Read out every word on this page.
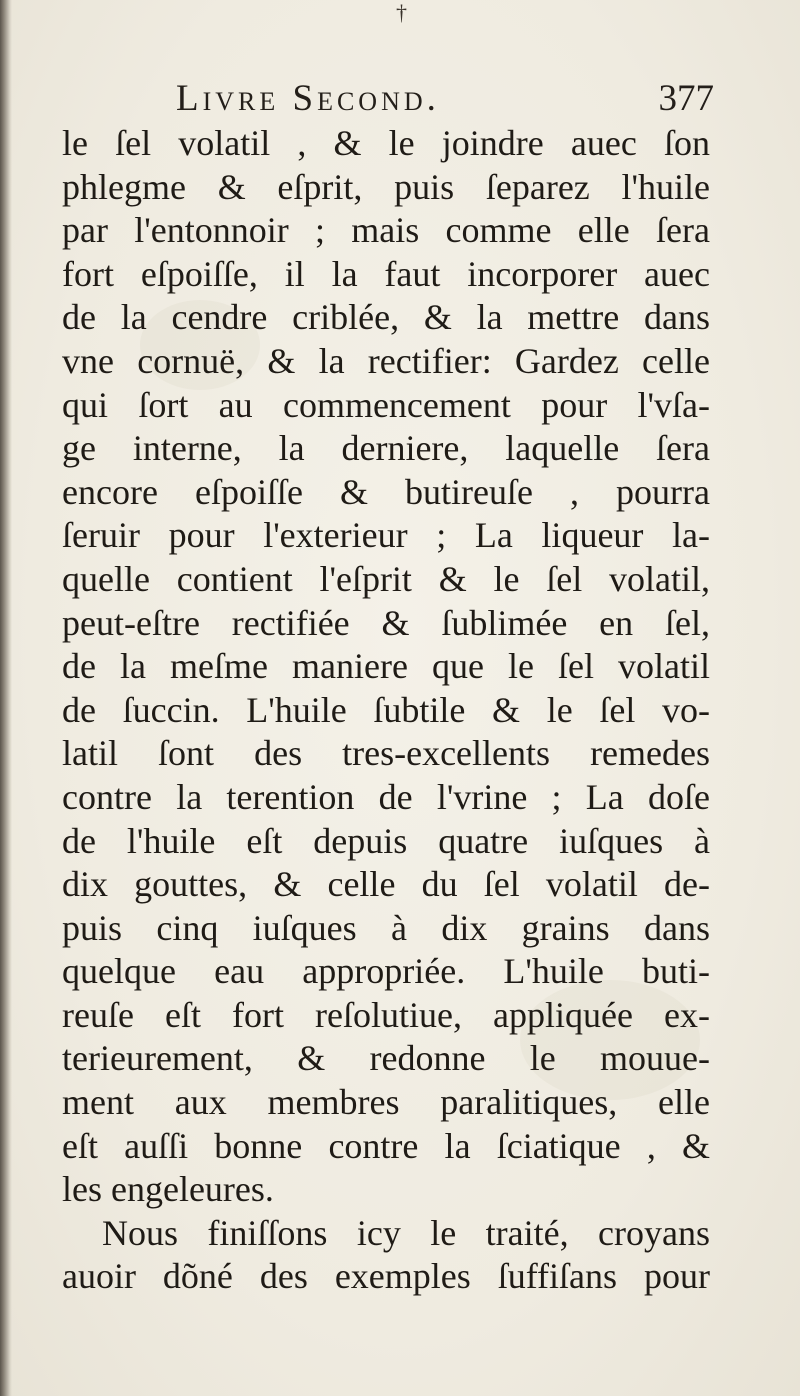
†
Livre Second.	377
le ſel volatil , & le joindre auec ſon
phlegme & eſprit, puis ſeparez l'huile
par l'entonnoir ; mais comme elle ſera
fort eſpoiſſe, il la faut incorporer auec
de la cendre criblée, & la mettre dans
vne cornuë, & la rectifier: Gardez celle
qui ſort au commencement pour l'vſa-
ge interne, la derniere, laquelle ſera
encore eſpoiſſe & butireuſe , pourra
ſeruir pour l'exterieur ; La liqueur la-
quelle contient l'eſprit & le ſel volatil,
peut-eſtre rectifiée & ſublimée en ſel,
de la meſme maniere que le ſel volatil
de ſuccin. L'huile ſubtile & le ſel vo-
latil ſont des tres-excellents remedes
contre la terention de l'vrine ; La doſe
de l'huile eſt depuis quatre iuſques à
dix gouttes, & celle du ſel volatil de-
puis cinq iuſques à dix grains dans
quelque eau appropriée. L'huile buti-
reuſe eſt fort reſolutiue, appliquée ex-
terieurement, & redonne le mouue-
ment aux membres paralitiques, elle
eſt auſſi bonne contre la ſciatique , &
les engeleures.
Nous finiſſons icy le traité, croyans
auoir dõné des exemples ſuffiſans pour
